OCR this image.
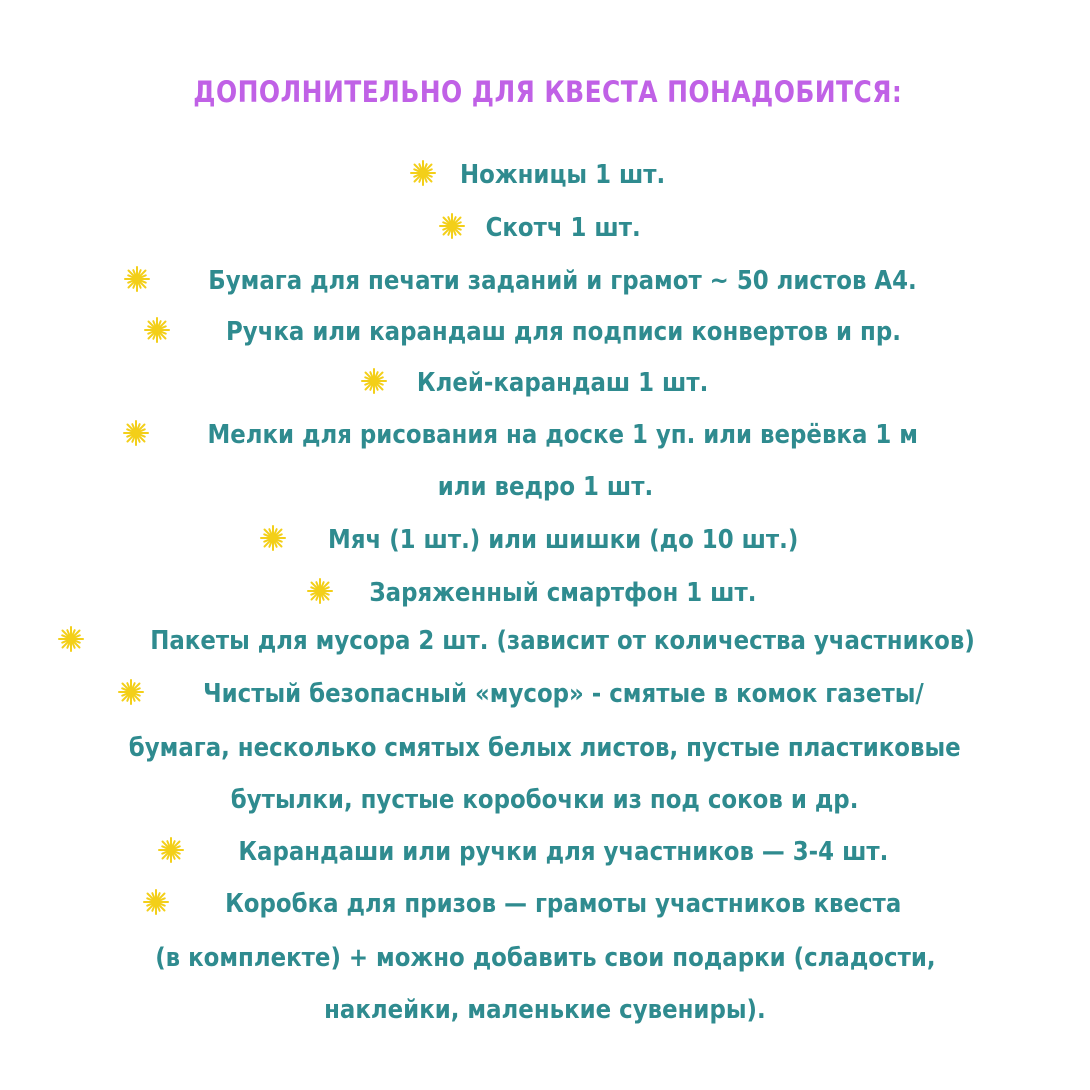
ДОПОЛНИТЕЛЬНО ДЛЯ КВЕСТА ПОНАДОБИТСЯ:
Ножницы 1 шт.
Скотч 1 шт.
Бумага для печати заданий и грамот ~ 50 листов А4.
Ручка или карандаш для подписи конвертов и пр.
Клей-карандаш 1 шт.
Мелки для рисования на доске 1 уп. или верёвка 1 м
или ведро 1 шт.
Мяч (1 шт.) или шишки (до 10 шт.)
Заряженный смартфон 1 шт.
Пакеты для мусора 2 шт. (зависит от количества участников)
Чистый безопасный «мусор» - смятые в комок газеты/
бумага, несколько смятых белых листов, пустые пластиковые
бутылки, пустые коробочки из под соков и др.
Карандаши или ручки для участников — 3-4 шт.
Коробка для призов — грамоты участников квеста
(в комплекте) + можно добавить свои подарки (сладости,
наклейки, маленькие сувениры).
